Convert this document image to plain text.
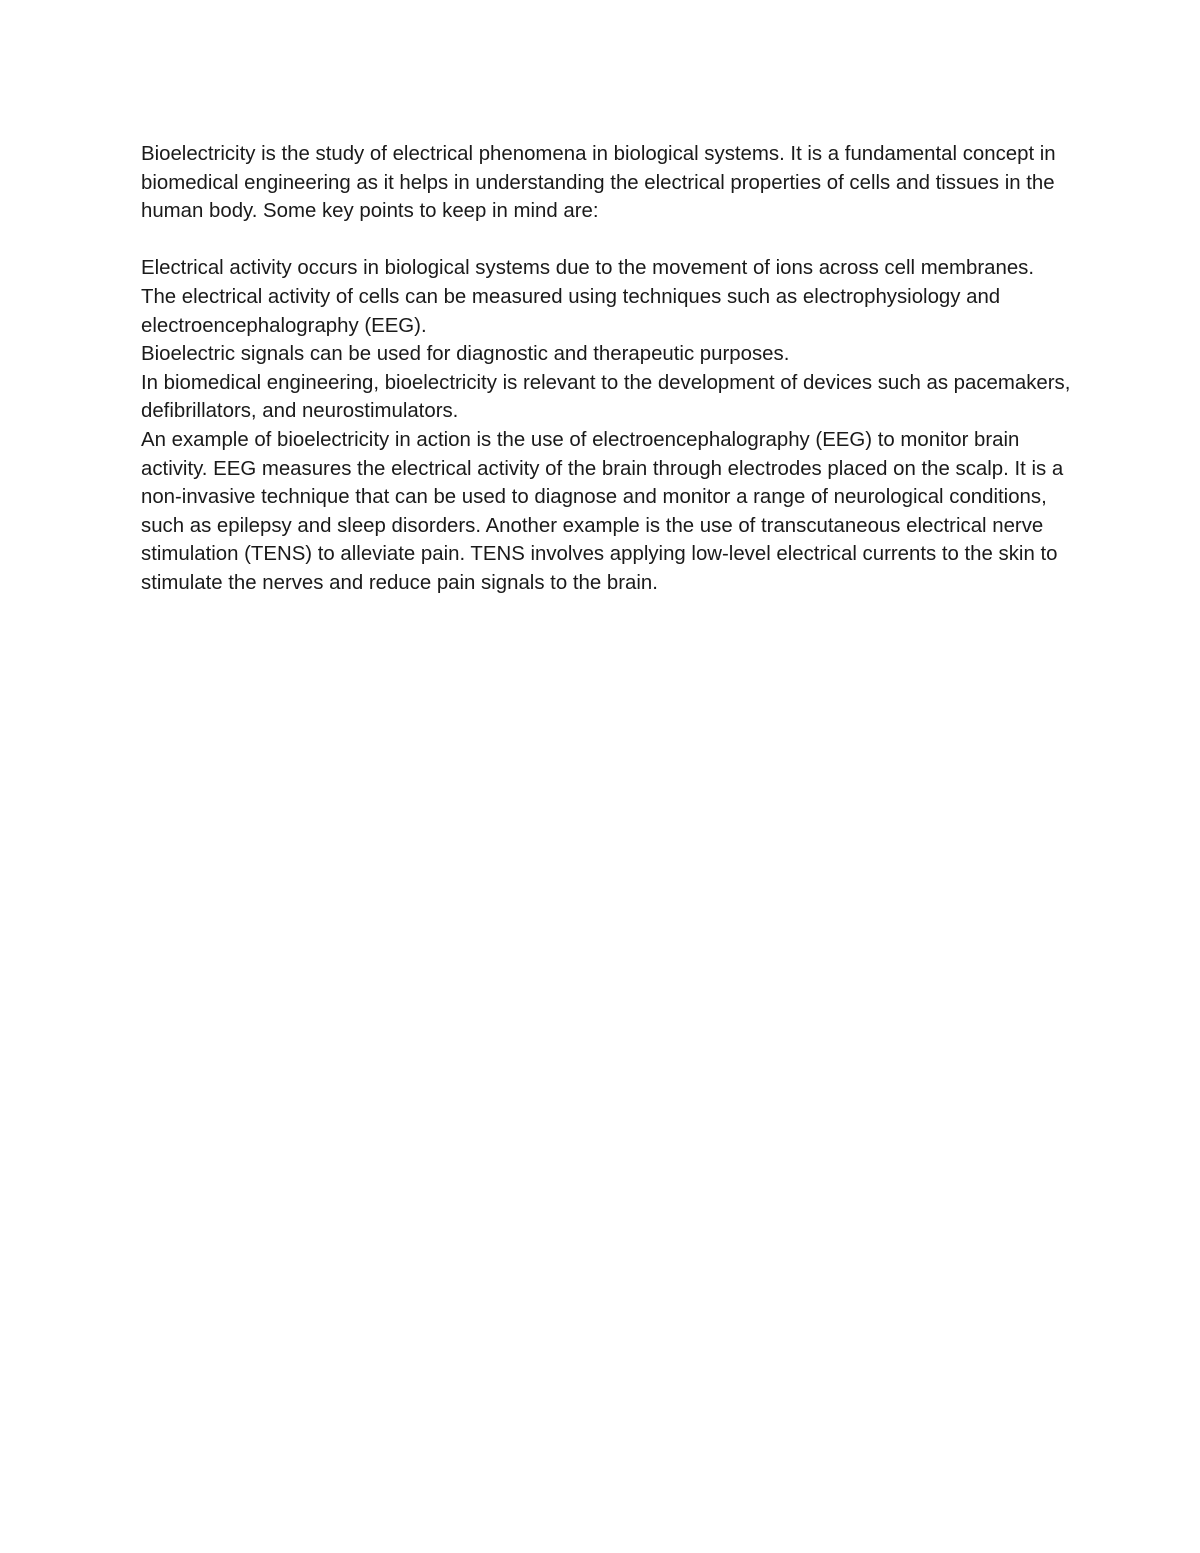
Bioelectricity is the study of electrical phenomena in biological systems. It is a fundamental concept in biomedical engineering as it helps in understanding the electrical properties of cells and tissues in the human body. Some key points to keep in mind are:

Electrical activity occurs in biological systems due to the movement of ions across cell membranes.

The electrical activity of cells can be measured using techniques such as electrophysiology and electroencephalography (EEG).

Bioelectric signals can be used for diagnostic and therapeutic purposes.

In biomedical engineering, bioelectricity is relevant to the development of devices such as pacemakers, defibrillators, and neurostimulators.

An example of bioelectricity in action is the use of electroencephalography (EEG) to monitor brain activity. EEG measures the electrical activity of the brain through electrodes placed on the scalp. It is a non-invasive technique that can be used to diagnose and monitor a range of neurological conditions, such as epilepsy and sleep disorders. Another example is the use of transcutaneous electrical nerve stimulation (TENS) to alleviate pain. TENS involves applying low-level electrical currents to the skin to stimulate the nerves and reduce pain signals to the brain.
